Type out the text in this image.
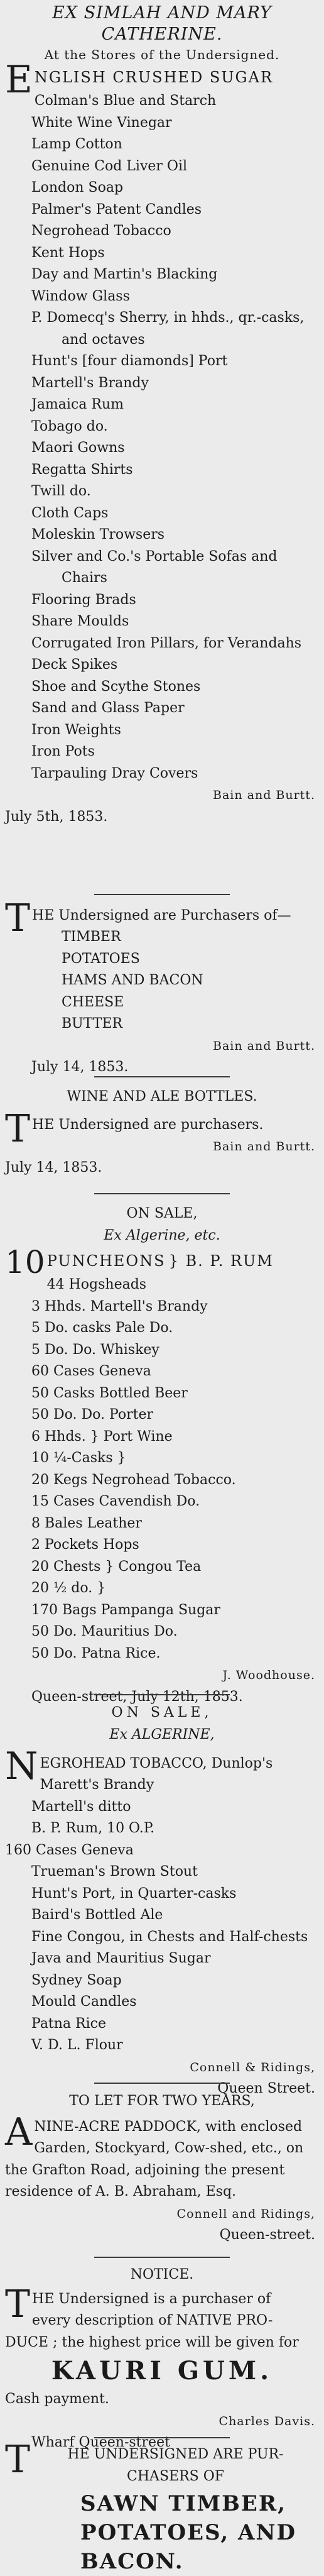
EX SIMLAH AND MARY CATHERINE.
At the Stores of the Undersigned.
E NGLISH CRUSHED SUGAR
Colman's Blue and Starch
White Wine Vinegar
Lamp Cotton
Genuine Cod Liver Oil
London Soap
Palmer's Patent Candles
Negrohead Tobacco
Kent Hops
Day and Martin's Blacking
Window Glass
P. Domecq's Sherry, in hhds., qr.-casks,
and octaves
Hunt's [four diamonds] Port
Martell's Brandy
Jamaica Rum
Tobago do.
Maori Gowns
Regatta Shirts
Twill do.
Cloth Caps
Moleskin Trowsers
Silver and Co.'s Portable Sofas and
Chairs
Flooring Brads
Share Moulds
Corrugated Iron Pillars, for Verandahs
Deck Spikes
Shoe and Scythe Stones
Sand and Glass Paper
Iron Weights
Iron Pots
Tarpauling Dray Covers
Bain and Burtt.
July 5th, 1853.
T HE Undersigned are Purchasers of—
TIMBER
POTATOES
HAMS AND BACON
CHEESE
BUTTER
Bain and Burtt.
July 14, 1853.
WINE AND ALE BOTTLES.
T HE Undersigned are purchasers.
Bain and Burtt.
July 14, 1853.
ON SALE,
Ex Algerine, etc.
10 PUNCHEONS } B. P. RUM
44 Hogsheads
3 Hhds. Martell's Brandy
5 Do. casks Pale Do.
5 Do. Do. Whiskey
60 Cases Geneva
50 Casks Bottled Beer
50 Do. Do. Porter
6 Hhds. } Port Wine
10 ¼-Casks }
20 Kegs Negrohead Tobacco.
15 Cases Cavendish Do.
8 Bales Leather
2 Pockets Hops
20 Chests } Congou Tea
20 ½ do. }
170 Bags Pampanga Sugar
50 Do. Mauritius Do.
50 Do. Patna Rice.
J. Woodhouse.
Queen-street, July 12th, 1853.
ON SALE,
Ex ALGERINE,
N EGROHEAD TOBACCO, Dunlop's
Marett's Brandy
Martell's ditto
B. P. Rum, 10 O.P.
160 Cases Geneva
Trueman's Brown Stout
Hunt's Port, in Quarter-casks
Baird's Bottled Ale
Fine Congou, in Chests and Half-chests
Java and Mauritius Sugar
Sydney Soap
Mould Candles
Patna Rice
V. D. L. Flour
Connell & Ridings,
Queen Street.
TO LET FOR TWO YEARS,
A NINE-ACRE PADDOCK, with enclosed
Garden, Stockyard, Cow-shed, etc., on
the Grafton Road, adjoining the present
residence of A. B. Abraham, Esq.
Connell and Ridings,
Queen-street.
NOTICE.
T HE Undersigned is a purchaser of
every description of NATIVE PRO-
DUCE ; the highest price will be given for
KAURI GUM.
Cash payment.
Charles Davis.
Wharf Queen-street
T	HE UNDERSIGNED ARE PUR-
CHASERS OF
SAWN TIMBER,
POTATOES, AND
BACON.
